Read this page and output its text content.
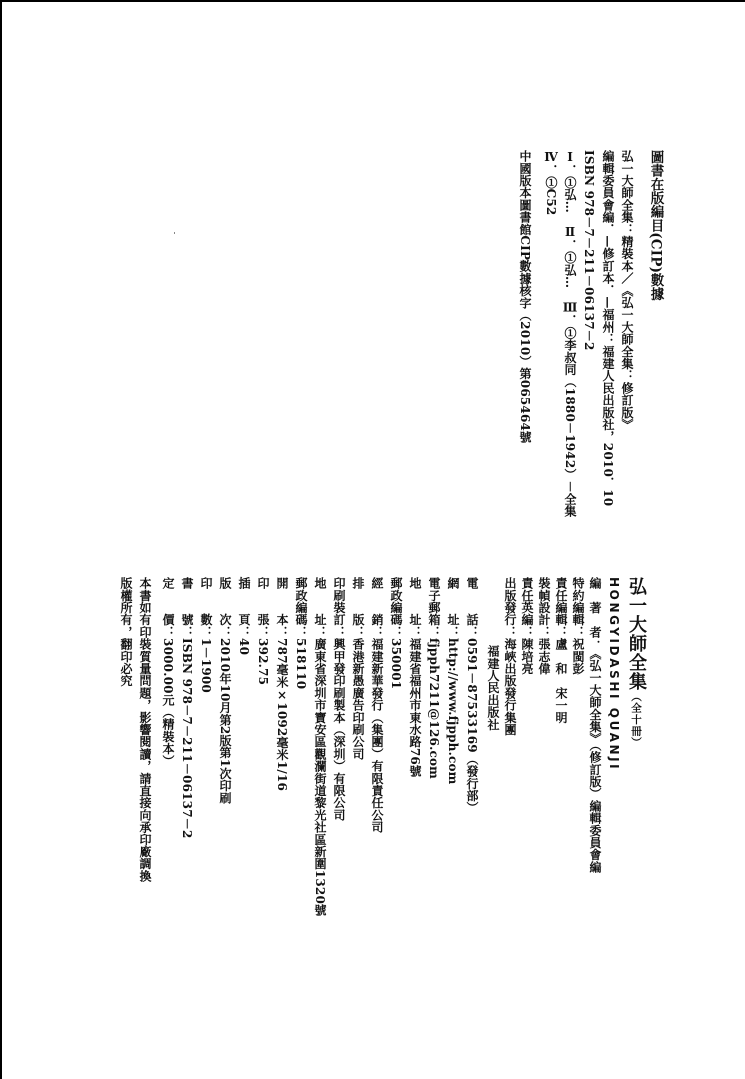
圖書在版編目(CIP)數據
弘一大師全集：精裝本／《弘一大師全集：修訂版》
編輯委員會編．—修訂本．—福州：福建人民出版社，2010．10
ISBN 978－7－211－06137－2
Ⅰ．①弘…　Ⅱ．①弘…　Ⅲ．①李叔同（1880－1942）－全集
Ⅳ．①C52
中國版本圖書館CIP數據核字（2010）第065464號
弘一大師全集（全十冊）
HONGYIDASHI QUANJI
編　著　者：《弘一大師全集》（修訂版）編輯委員會編
特約編輯：祝閩彭
責任編輯：盧　和　宋一明
裝幀設計：張志偉
責任英編：陳培亮
出版發行：海峽出版發行集團
福建人民出版社
電　　話：0591－87533169（發行部）
網　　址：http://www.fjpph.com
電子郵箱：fjpph7211@126.com
地　　址：福建省福州市東水路76號
郵政編碼：350001
經　　銷：福建新華發行（集團）有限責任公司
排　　版：香港新愚廣告印刷公司
印刷裝訂：興甲發印刷製本（深圳）有限公司
地　　址：廣東省深圳市寶安區觀瀾街道黎光社區新圍1320號
郵政編碼：518110
開　　本：787毫米×1092毫米1/16
印　　張：392.75
插　　頁：40
版　　次：2010年10月第2版第1次印刷
印　　數：1－1900
書　　號：ISBN 978－7－211－06137－2
定　　價：3000.00元（精裝本）
本書如有印裝質量問題，影響閱讀，請直接向承印廠調換
版權所有，翻印必究
